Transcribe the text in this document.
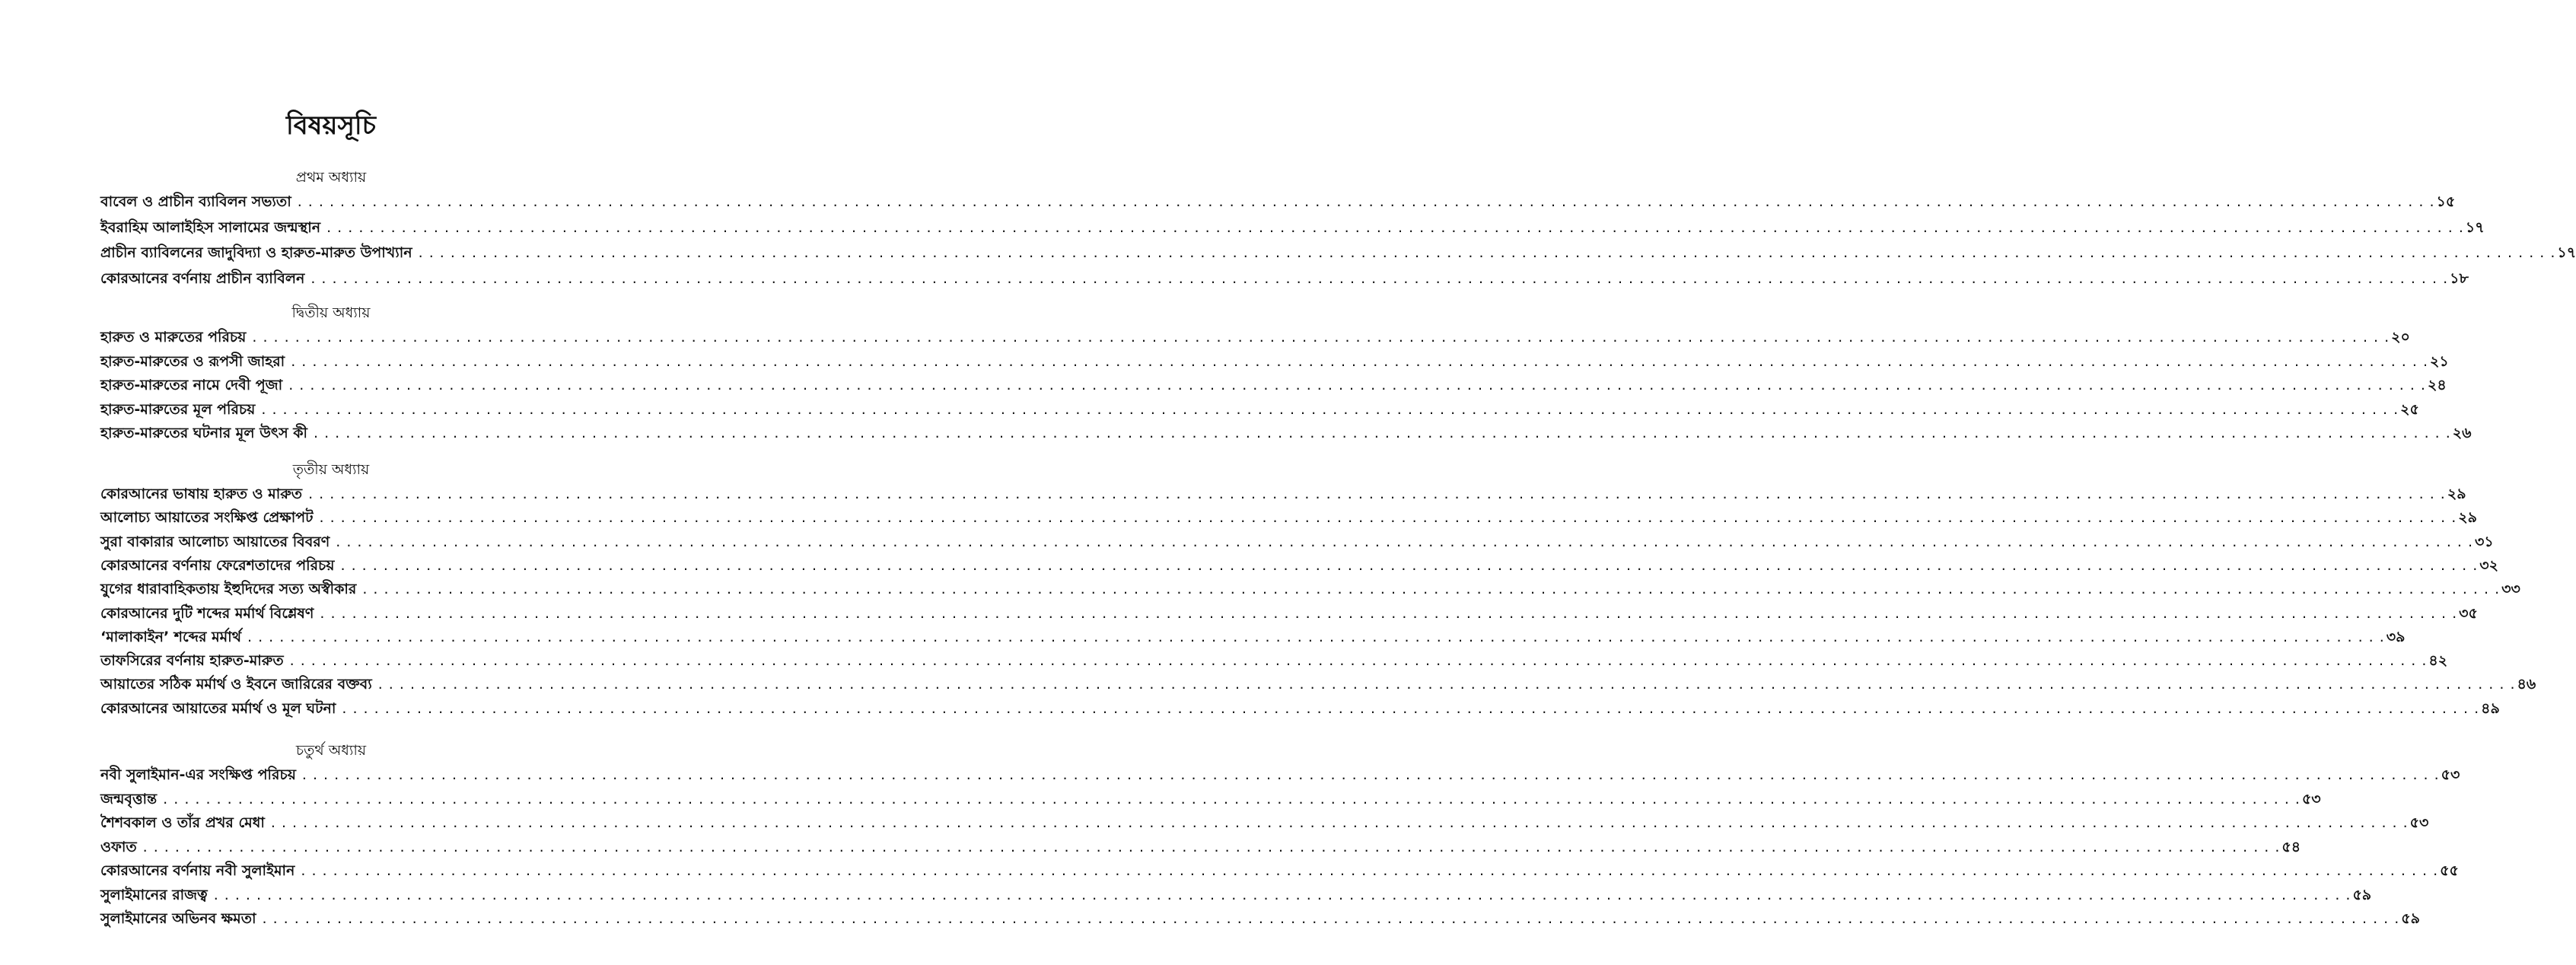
বিষয়সূচি
প্রথম অধ্যায়
বাবেল ও প্রাচীন ব্যাবিলন সভ্যতা . . . . . . . . . . . . . . . . . . . . . . . . . . . . . . . . . . . . . . . . . . . . . . . . . . . . . . . . . . . . . . . . . . . . . . . . . . . . . . . . . . . . . . . . . . . . . . . . . . . . . . . . . . . . . . . . . . . . . . . . . . . . . . . . . . . . . . . . . . . . . . . . . . . . . . . . . . . . . . . . . . . . . . . . . . . . . . . . . . . . . . . . . . . . . . . . . . . . . . . . ১৫
ইবরাহিম আলাইহিস সালামের জন্মস্থান . . . . . . . . . . . . . . . . . . . . . . . . . . . . . . . . . . . . . . . . . . . . . . . . . . . . . . . . . . . . . . . . . . . . . . . . . . . . . . . . . . . . . . . . . . . . . . . . . . . . . . . . . . . . . . . . . . . . . . . . . . . . . . . . . . . . . . . . . . . . . . . . . . . . . . . . . . . . . . . . . . . . . . . . . . . . . . . . . . . . . . . . . . . . . . . . . . . . . . . . ১৭
প্রাচীন ব্যাবিলনের জাদুবিদ্যা ও হারুত-মারুত উপাখ্যান . . . . . . . . . . . . . . . . . . . . . . . . . . . . . . . . . . . . . . . . . . . . . . . . . . . . . . . . . . . . . . . . . . . . . . . . . . . . . . . . . . . . . . . . . . . . . . . . . . . . . . . . . . . . . . . . . . . . . . . . . . . . . . . . . . . . . . . . . . . . . . . . . . . . . . . . . . . . . . . . . . . . . . . . . . . . . . . . . . . . . . . . . . . . . . . . . . . . . . . . ১৭
কোরআনের বর্ণনায় প্রাচীন ব্যাবিলন . . . . . . . . . . . . . . . . . . . . . . . . . . . . . . . . . . . . . . . . . . . . . . . . . . . . . . . . . . . . . . . . . . . . . . . . . . . . . . . . . . . . . . . . . . . . . . . . . . . . . . . . . . . . . . . . . . . . . . . . . . . . . . . . . . . . . . . . . . . . . . . . . . . . . . . . . . . . . . . . . . . . . . . . . . . . . . . . . . . . . . . . . . . . . . . . . . . . . . . . ১৮
দ্বিতীয় অধ্যায়
হারুত ও মারুতের পরিচয় . . . . . . . . . . . . . . . . . . . . . . . . . . . . . . . . . . . . . . . . . . . . . . . . . . . . . . . . . . . . . . . . . . . . . . . . . . . . . . . . . . . . . . . . . . . . . . . . . . . . . . . . . . . . . . . . . . . . . . . . . . . . . . . . . . . . . . . . . . . . . . . . . . . . . . . . . . . . . . . . . . . . . . . . . . . . . . . . . . . . . . . . . . . . . . . . . . . . . . . . ২০
হারুত-মারুতের ও রূপসী জাহরা . . . . . . . . . . . . . . . . . . . . . . . . . . . . . . . . . . . . . . . . . . . . . . . . . . . . . . . . . . . . . . . . . . . . . . . . . . . . . . . . . . . . . . . . . . . . . . . . . . . . . . . . . . . . . . . . . . . . . . . . . . . . . . . . . . . . . . . . . . . . . . . . . . . . . . . . . . . . . . . . . . . . . . . . . . . . . . . . . . . . . . . . . . . . . . . . . . . . . . . . ২১
হারুত-মারুতের নামে দেবী পূজা . . . . . . . . . . . . . . . . . . . . . . . . . . . . . . . . . . . . . . . . . . . . . . . . . . . . . . . . . . . . . . . . . . . . . . . . . . . . . . . . . . . . . . . . . . . . . . . . . . . . . . . . . . . . . . . . . . . . . . . . . . . . . . . . . . . . . . . . . . . . . . . . . . . . . . . . . . . . . . . . . . . . . . . . . . . . . . . . . . . . . . . . . . . . . . . . . . . . . . . . ২৪
হারুত-মারুতের মূল পরিচয় . . . . . . . . . . . . . . . . . . . . . . . . . . . . . . . . . . . . . . . . . . . . . . . . . . . . . . . . . . . . . . . . . . . . . . . . . . . . . . . . . . . . . . . . . . . . . . . . . . . . . . . . . . . . . . . . . . . . . . . . . . . . . . . . . . . . . . . . . . . . . . . . . . . . . . . . . . . . . . . . . . . . . . . . . . . . . . . . . . . . . . . . . . . . . . . . . . . . . . . . ২৫
হারুত-মারুতের ঘটনার মূল উৎস কী . . . . . . . . . . . . . . . . . . . . . . . . . . . . . . . . . . . . . . . . . . . . . . . . . . . . . . . . . . . . . . . . . . . . . . . . . . . . . . . . . . . . . . . . . . . . . . . . . . . . . . . . . . . . . . . . . . . . . . . . . . . . . . . . . . . . . . . . . . . . . . . . . . . . . . . . . . . . . . . . . . . . . . . . . . . . . . . . . . . . . . . . . . . . . . . . . . . . . . . . ২৬
তৃতীয় অধ্যায়
কোরআনের ভাষায় হারুত ও মারুত . . . . . . . . . . . . . . . . . . . . . . . . . . . . . . . . . . . . . . . . . . . . . . . . . . . . . . . . . . . . . . . . . . . . . . . . . . . . . . . . . . . . . . . . . . . . . . . . . . . . . . . . . . . . . . . . . . . . . . . . . . . . . . . . . . . . . . . . . . . . . . . . . . . . . . . . . . . . . . . . . . . . . . . . . . . . . . . . . . . . . . . . . . . . . . . . . . . . . . . . ২৯
আলোচ্য আয়াতের সংক্ষিপ্ত প্রেক্ষাপট . . . . . . . . . . . . . . . . . . . . . . . . . . . . . . . . . . . . . . . . . . . . . . . . . . . . . . . . . . . . . . . . . . . . . . . . . . . . . . . . . . . . . . . . . . . . . . . . . . . . . . . . . . . . . . . . . . . . . . . . . . . . . . . . . . . . . . . . . . . . . . . . . . . . . . . . . . . . . . . . . . . . . . . . . . . . . . . . . . . . . . . . . . . . . . . . . . . . . . . . ২৯
সুরা বাকারার আলোচ্য আয়াতের বিবরণ . . . . . . . . . . . . . . . . . . . . . . . . . . . . . . . . . . . . . . . . . . . . . . . . . . . . . . . . . . . . . . . . . . . . . . . . . . . . . . . . . . . . . . . . . . . . . . . . . . . . . . . . . . . . . . . . . . . . . . . . . . . . . . . . . . . . . . . . . . . . . . . . . . . . . . . . . . . . . . . . . . . . . . . . . . . . . . . . . . . . . . . . . . . . . . . . . . . . . . . . ৩১
কোরআনের বর্ণনায় ফেরেশতাদের পরিচয় . . . . . . . . . . . . . . . . . . . . . . . . . . . . . . . . . . . . . . . . . . . . . . . . . . . . . . . . . . . . . . . . . . . . . . . . . . . . . . . . . . . . . . . . . . . . . . . . . . . . . . . . . . . . . . . . . . . . . . . . . . . . . . . . . . . . . . . . . . . . . . . . . . . . . . . . . . . . . . . . . . . . . . . . . . . . . . . . . . . . . . . . . . . . . . . . . . . . . . . . ৩২
যুগের ধারাবাহিকতায় ইহুদিদের সত্য অস্বীকার . . . . . . . . . . . . . . . . . . . . . . . . . . . . . . . . . . . . . . . . . . . . . . . . . . . . . . . . . . . . . . . . . . . . . . . . . . . . . . . . . . . . . . . . . . . . . . . . . . . . . . . . . . . . . . . . . . . . . . . . . . . . . . . . . . . . . . . . . . . . . . . . . . . . . . . . . . . . . . . . . . . . . . . . . . . . . . . . . . . . . . . . . . . . . . . . . . . . . . . . ৩৩
কোরআনের দুটি শব্দের মর্মার্থ বিশ্লেষণ . . . . . . . . . . . . . . . . . . . . . . . . . . . . . . . . . . . . . . . . . . . . . . . . . . . . . . . . . . . . . . . . . . . . . . . . . . . . . . . . . . . . . . . . . . . . . . . . . . . . . . . . . . . . . . . . . . . . . . . . . . . . . . . . . . . . . . . . . . . . . . . . . . . . . . . . . . . . . . . . . . . . . . . . . . . . . . . . . . . . . . . . . . . . . . . . . . . . . . . . ৩৫
‘মালাকাইন’ শব্দের মর্মার্থ . . . . . . . . . . . . . . . . . . . . . . . . . . . . . . . . . . . . . . . . . . . . . . . . . . . . . . . . . . . . . . . . . . . . . . . . . . . . . . . . . . . . . . . . . . . . . . . . . . . . . . . . . . . . . . . . . . . . . . . . . . . . . . . . . . . . . . . . . . . . . . . . . . . . . . . . . . . . . . . . . . . . . . . . . . . . . . . . . . . . . . . . . . . . . . . . . . . . . . . . ৩৯
তাফসিরের বর্ণনায় হারুত-মারুত . . . . . . . . . . . . . . . . . . . . . . . . . . . . . . . . . . . . . . . . . . . . . . . . . . . . . . . . . . . . . . . . . . . . . . . . . . . . . . . . . . . . . . . . . . . . . . . . . . . . . . . . . . . . . . . . . . . . . . . . . . . . . . . . . . . . . . . . . . . . . . . . . . . . . . . . . . . . . . . . . . . . . . . . . . . . . . . . . . . . . . . . . . . . . . . . . . . . . . . . ৪২
আয়াতের সঠিক মর্মার্থ ও ইবনে জারিরের বক্তব্য . . . . . . . . . . . . . . . . . . . . . . . . . . . . . . . . . . . . . . . . . . . . . . . . . . . . . . . . . . . . . . . . . . . . . . . . . . . . . . . . . . . . . . . . . . . . . . . . . . . . . . . . . . . . . . . . . . . . . . . . . . . . . . . . . . . . . . . . . . . . . . . . . . . . . . . . . . . . . . . . . . . . . . . . . . . . . . . . . . . . . . . . . . . . . . . . . . . . . . . . ৪৬
কোরআনের আয়াতের মর্মার্থ ও মূল ঘটনা . . . . . . . . . . . . . . . . . . . . . . . . . . . . . . . . . . . . . . . . . . . . . . . . . . . . . . . . . . . . . . . . . . . . . . . . . . . . . . . . . . . . . . . . . . . . . . . . . . . . . . . . . . . . . . . . . . . . . . . . . . . . . . . . . . . . . . . . . . . . . . . . . . . . . . . . . . . . . . . . . . . . . . . . . . . . . . . . . . . . . . . . . . . . . . . . . . . . . . . . ৪৯
চতুর্থ অধ্যায়
নবী সুলাইমান-এর সংক্ষিপ্ত পরিচয় . . . . . . . . . . . . . . . . . . . . . . . . . . . . . . . . . . . . . . . . . . . . . . . . . . . . . . . . . . . . . . . . . . . . . . . . . . . . . . . . . . . . . . . . . . . . . . . . . . . . . . . . . . . . . . . . . . . . . . . . . . . . . . . . . . . . . . . . . . . . . . . . . . . . . . . . . . . . . . . . . . . . . . . . . . . . . . . . . . . . . . . . . . . . . . . . . . . . . . . . ৫৩
জন্মবৃত্তান্ত . . . . . . . . . . . . . . . . . . . . . . . . . . . . . . . . . . . . . . . . . . . . . . . . . . . . . . . . . . . . . . . . . . . . . . . . . . . . . . . . . . . . . . . . . . . . . . . . . . . . . . . . . . . . . . . . . . . . . . . . . . . . . . . . . . . . . . . . . . . . . . . . . . . . . . . . . . . . . . . . . . . . . . . . . . . . . . . . . . . . . . . . . . . . . . . . . . . . . . . . ৫৩
শৈশবকাল ও তাঁর প্রখর মেধা . . . . . . . . . . . . . . . . . . . . . . . . . . . . . . . . . . . . . . . . . . . . . . . . . . . . . . . . . . . . . . . . . . . . . . . . . . . . . . . . . . . . . . . . . . . . . . . . . . . . . . . . . . . . . . . . . . . . . . . . . . . . . . . . . . . . . . . . . . . . . . . . . . . . . . . . . . . . . . . . . . . . . . . . . . . . . . . . . . . . . . . . . . . . . . . . . . . . . . . . ৫৩
ওফাত . . . . . . . . . . . . . . . . . . . . . . . . . . . . . . . . . . . . . . . . . . . . . . . . . . . . . . . . . . . . . . . . . . . . . . . . . . . . . . . . . . . . . . . . . . . . . . . . . . . . . . . . . . . . . . . . . . . . . . . . . . . . . . . . . . . . . . . . . . . . . . . . . . . . . . . . . . . . . . . . . . . . . . . . . . . . . . . . . . . . . . . . . . . . . . . . . . . . . . . . ৫৪
কোরআনের বর্ণনায় নবী সুলাইমান . . . . . . . . . . . . . . . . . . . . . . . . . . . . . . . . . . . . . . . . . . . . . . . . . . . . . . . . . . . . . . . . . . . . . . . . . . . . . . . . . . . . . . . . . . . . . . . . . . . . . . . . . . . . . . . . . . . . . . . . . . . . . . . . . . . . . . . . . . . . . . . . . . . . . . . . . . . . . . . . . . . . . . . . . . . . . . . . . . . . . . . . . . . . . . . . . . . . . . . . ৫৫
সুলাইমানের রাজত্ব . . . . . . . . . . . . . . . . . . . . . . . . . . . . . . . . . . . . . . . . . . . . . . . . . . . . . . . . . . . . . . . . . . . . . . . . . . . . . . . . . . . . . . . . . . . . . . . . . . . . . . . . . . . . . . . . . . . . . . . . . . . . . . . . . . . . . . . . . . . . . . . . . . . . . . . . . . . . . . . . . . . . . . . . . . . . . . . . . . . . . . . . . . . . . . . . . . . . . . . . ৫৯
সুলাইমানের অভিনব ক্ষমতা . . . . . . . . . . . . . . . . . . . . . . . . . . . . . . . . . . . . . . . . . . . . . . . . . . . . . . . . . . . . . . . . . . . . . . . . . . . . . . . . . . . . . . . . . . . . . . . . . . . . . . . . . . . . . . . . . . . . . . . . . . . . . . . . . . . . . . . . . . . . . . . . . . . . . . . . . . . . . . . . . . . . . . . . . . . . . . . . . . . . . . . . . . . . . . . . . . . . . . . . ৫৯
